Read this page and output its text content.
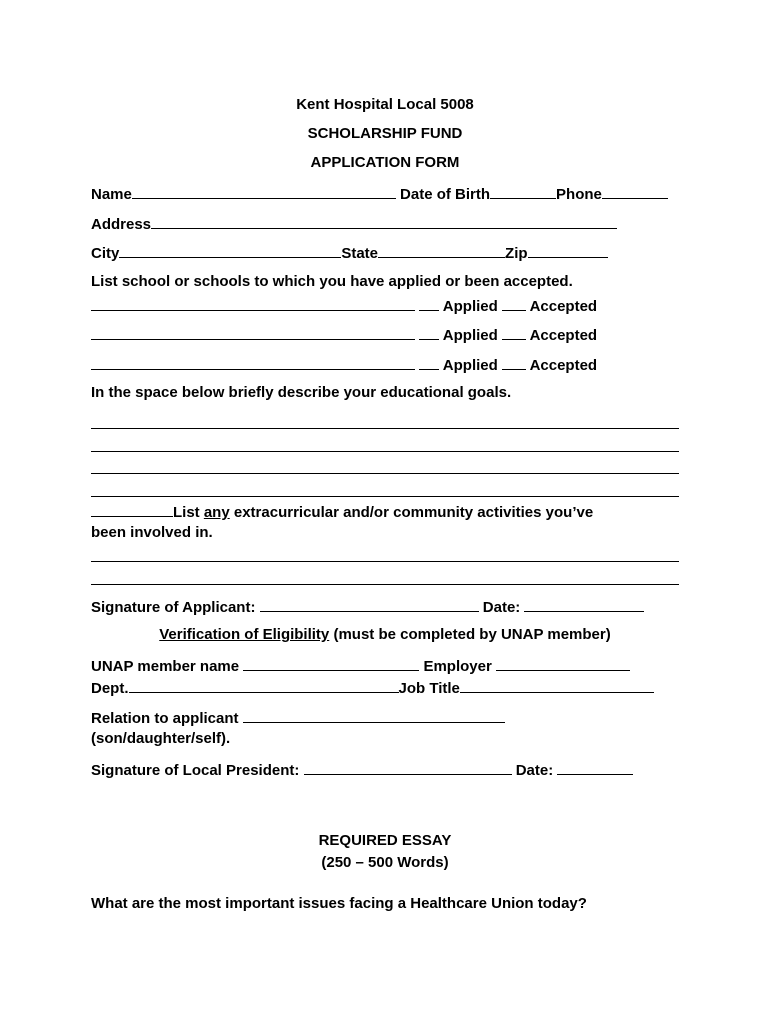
Kent Hospital Local 5008
SCHOLARSHIP FUND
APPLICATION FORM
Name	Date of Birth	Phone
Address
City	State	Zip
List school or schools to which you have applied or been accepted.
Applied  Accepted
Applied  Accepted
Applied  Accepted
In the space below briefly describe your educational goals.
List any extracurricular and/or community activities you’ve
been involved in.
Signature of Applicant:	Date:
Verification of Eligibility (must be completed by UNAP member)
UNAP member name	Employer
Dept.	Job Title
Relation to applicant
(son/daughter/self).
Signature of Local President:	Date:
REQUIRED ESSAY
(250 – 500 Words)
What are the most important issues facing a Healthcare Union today?
